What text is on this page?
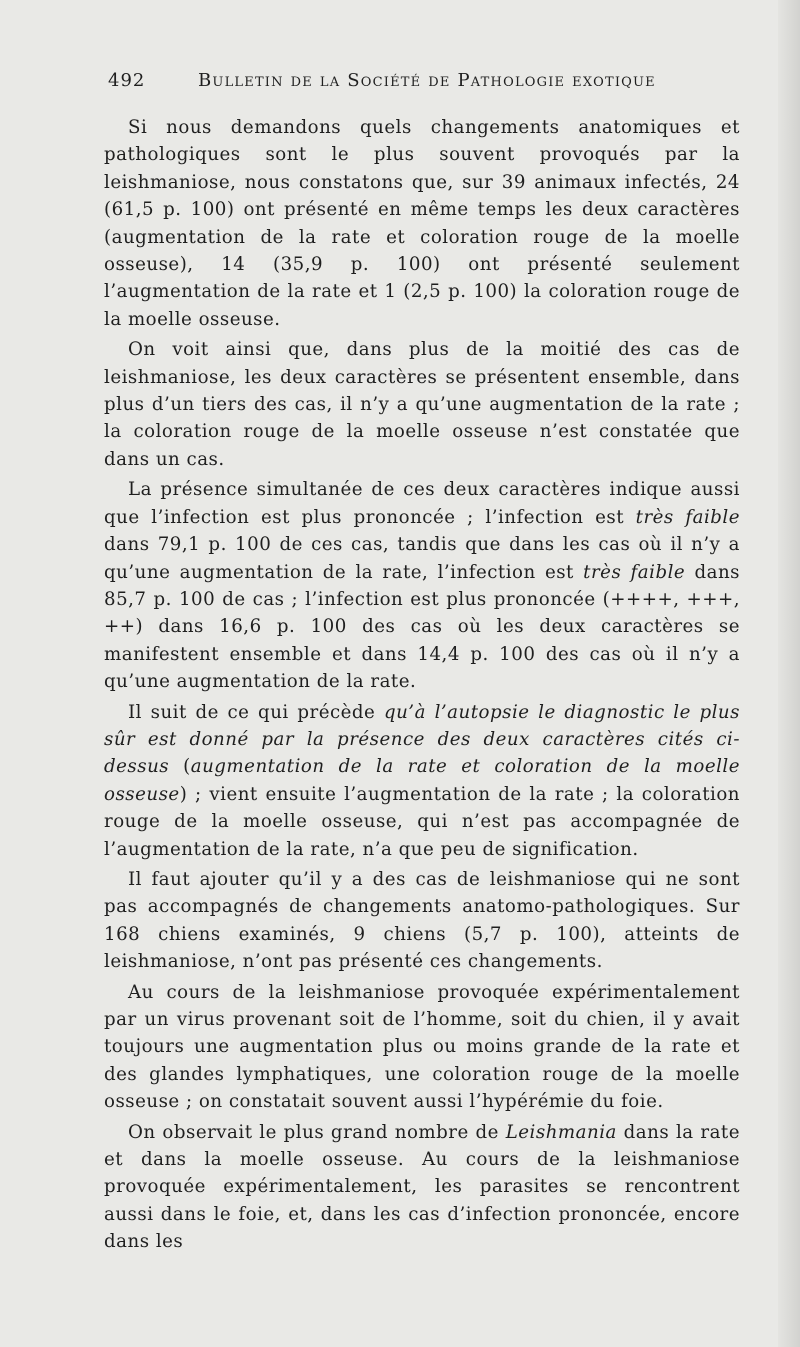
492	Bulletin de la Société de Pathologie exotique

Si nous demandons quels changements anatomiques et pathologiques sont le plus souvent provoqués par la leishmaniose, nous constatons que, sur 39 animaux infectés, 24 (61,5 p. 100) ont présenté en même temps les deux caractères (augmentation de la rate et coloration rouge de la moelle osseuse), 14 (35,9 p. 100) ont présenté seulement l’augmentation de la rate et 1 (2,5 p. 100) la coloration rouge de la moelle osseuse.

On voit ainsi que, dans plus de la moitié des cas de leishmaniose, les deux caractères se présentent ensemble, dans plus d’un tiers des cas, il n’y a qu’une augmentation de la rate ; la coloration rouge de la moelle osseuse n’est constatée que dans un cas.

La présence simultanée de ces deux caractères indique aussi que l’infection est plus prononcée ; l’infection est très faible dans 79,1 p. 100 de ces cas, tandis que dans les cas où il n’y a qu’une augmentation de la rate, l’infection est très faible dans 85,7 p. 100 de cas ; l’infection est plus prononcée (++++, +++, ++) dans 16,6 p. 100 des cas où les deux caractères se manifestent ensemble et dans 14,4 p. 100 des cas où il n’y a qu’une augmentation de la rate.

Il suit de ce qui précède qu’à l’autopsie le diagnostic le plus sûr est donné par la présence des deux caractères cités ci-dessus (augmentation de la rate et coloration de la moelle osseuse) ; vient ensuite l’augmentation de la rate ; la coloration rouge de la moelle osseuse, qui n’est pas accompagnée de l’augmentation de la rate, n’a que peu de signification.

Il faut ajouter qu’il y a des cas de leishmaniose qui ne sont pas accompagnés de changements anatomo-pathologiques. Sur 168 chiens examinés, 9 chiens (5,7 p. 100), atteints de leishmaniose, n’ont pas présenté ces changements.

Au cours de la leishmaniose provoquée expérimentalement par un virus provenant soit de l’homme, soit du chien, il y avait toujours une augmentation plus ou moins grande de la rate et des glandes lymphatiques, une coloration rouge de la moelle osseuse ; on constatait souvent aussi l’hypérémie du foie.

On observait le plus grand nombre de Leishmania dans la rate et dans la moelle osseuse. Au cours de la leishmaniose provoquée expérimentalement, les parasites se rencontrent aussi dans le foie, et, dans les cas d’infection prononcée, encore dans les
